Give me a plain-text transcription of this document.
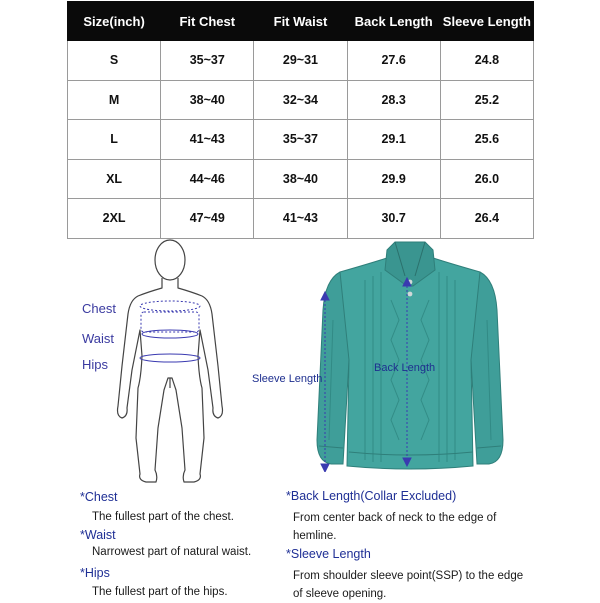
Size(inch)	Fit Chest	Fit Waist	Back Length	Sleeve Length
S	35~37	29~31	27.6	24.8
M	38~40	32~34	28.3	25.2
L	41~43	35~37	29.1	25.6
XL	44~46	38~40	29.9	26.0
2XL	47~49	41~43	30.7	26.4
Chest
Waist
Hips
Sleeve Length
Back Length
*Chest
The fullest part of the chest.
*Waist
Narrowest part of natural waist.
*Hips
The fullest part of the hips.
*Back Length(Collar Excluded)
From center back of neck to the edge of hemline.
*Sleeve Length
From shoulder sleeve point(SSP) to the edge of sleeve opening.
